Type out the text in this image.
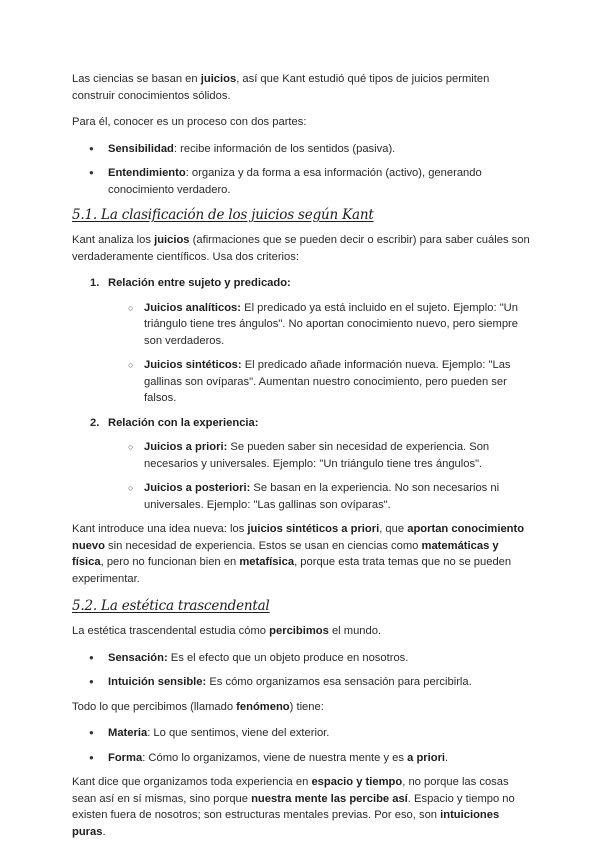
Las ciencias se basan en juicios, así que Kant estudió qué tipos de juicios permiten construir conocimientos sólidos.

Para él, conocer es un proceso con dos partes:

● Sensibilidad: recibe información de los sentidos (pasiva).
● Entendimiento: organiza y da forma a esa información (activo), generando conocimiento verdadero.
5.1. La clasificación de los juicios según Kant

Kant analiza los juicios (afirmaciones que se pueden decir o escribir) para saber cuáles son verdaderamente científicos. Usa dos criterios:

1. Relación entre sujeto y predicado:
○ Juicios analíticos: El predicado ya está incluido en el sujeto. Ejemplo: "Un triángulo tiene tres ángulos". No aportan conocimiento nuevo, pero siempre son verdaderos.
○ Juicios sintéticos: El predicado añade información nueva. Ejemplo: "Las gallinas son ovíparas". Aumentan nuestro conocimiento, pero pueden ser falsos.
2. Relación con la experiencia:
○ Juicios a priori: Se pueden saber sin necesidad de experiencia. Son necesarios y universales. Ejemplo: "Un triángulo tiene tres ángulos".
○ Juicios a posteriori: Se basan en la experiencia. No son necesarios ni universales. Ejemplo: "Las gallinas son ovíparas".

Kant introduce una idea nueva: los juicios sintéticos a priori, que aportan conocimiento nuevo sin necesidad de experiencia. Estos se usan en ciencias como matemáticas y física, pero no funcionan bien en metafísica, porque esta trata temas que no se pueden experimentar.

5.2. La estética trascendental

La estética trascendental estudia cómo percibimos el mundo.

● Sensación: Es el efecto que un objeto produce en nosotros.
● Intuición sensible: Es cómo organizamos esa sensación para percibirla.

Todo lo que percibimos (llamado fenómeno) tiene:

● Materia: Lo que sentimos, viene del exterior.
● Forma: Cómo lo organizamos, viene de nuestra mente y es a priori.

Kant dice que organizamos toda experiencia en espacio y tiempo, no porque las cosas sean así en sí mismas, sino porque nuestra mente las percibe así. Espacio y tiempo no existen fuera de nosotros; son estructuras mentales previas. Por eso, son intuiciones puras.
